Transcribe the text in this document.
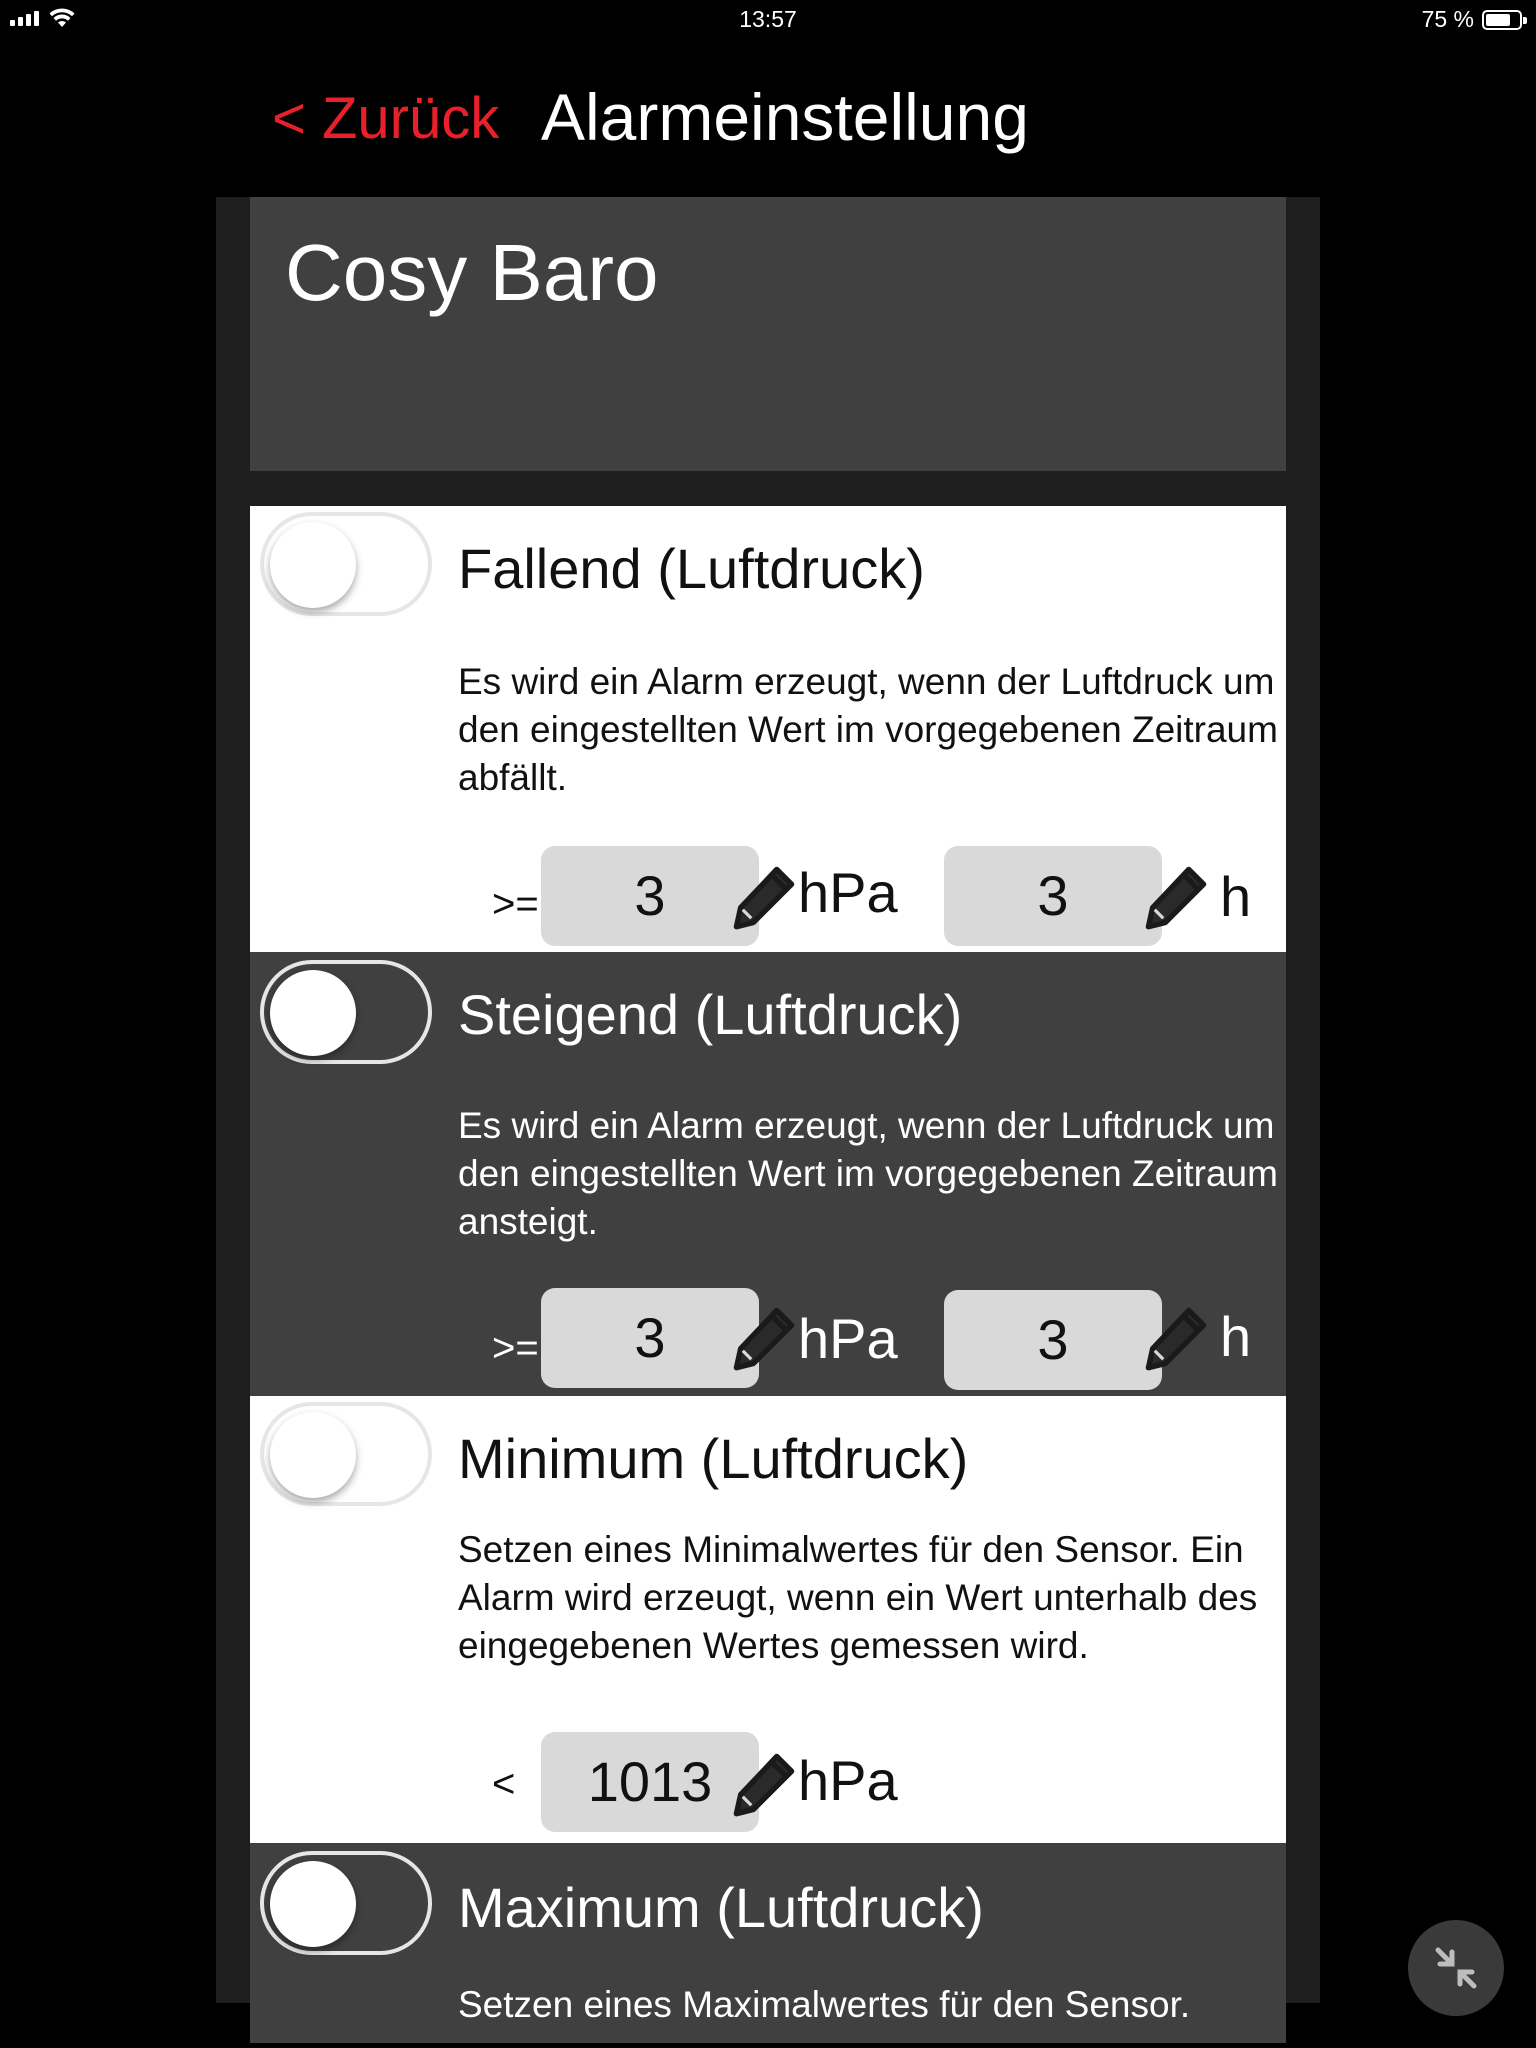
13:57	75 %
< Zurück Alarmeinstellung
Cosy Baro
Fallend (Luftdruck)
Es wird ein Alarm erzeugt, wenn der Luftdruck um den eingestellten Wert im vorgegebenen Zeitraum abfällt.
>=	3	hPa	3	h
Steigend (Luftdruck)
Es wird ein Alarm erzeugt, wenn der Luftdruck um den eingestellten Wert im vorgegebenen Zeitraum ansteigt.
>=	3	hPa	3	h
Minimum (Luftdruck)
Setzen eines Minimalwertes für den Sensor. Ein Alarm wird erzeugt, wenn ein Wert unterhalb des eingegebenen Wertes gemessen wird.
<	1013	hPa
Maximum (Luftdruck)
Setzen eines Maximalwertes für den Sensor.
